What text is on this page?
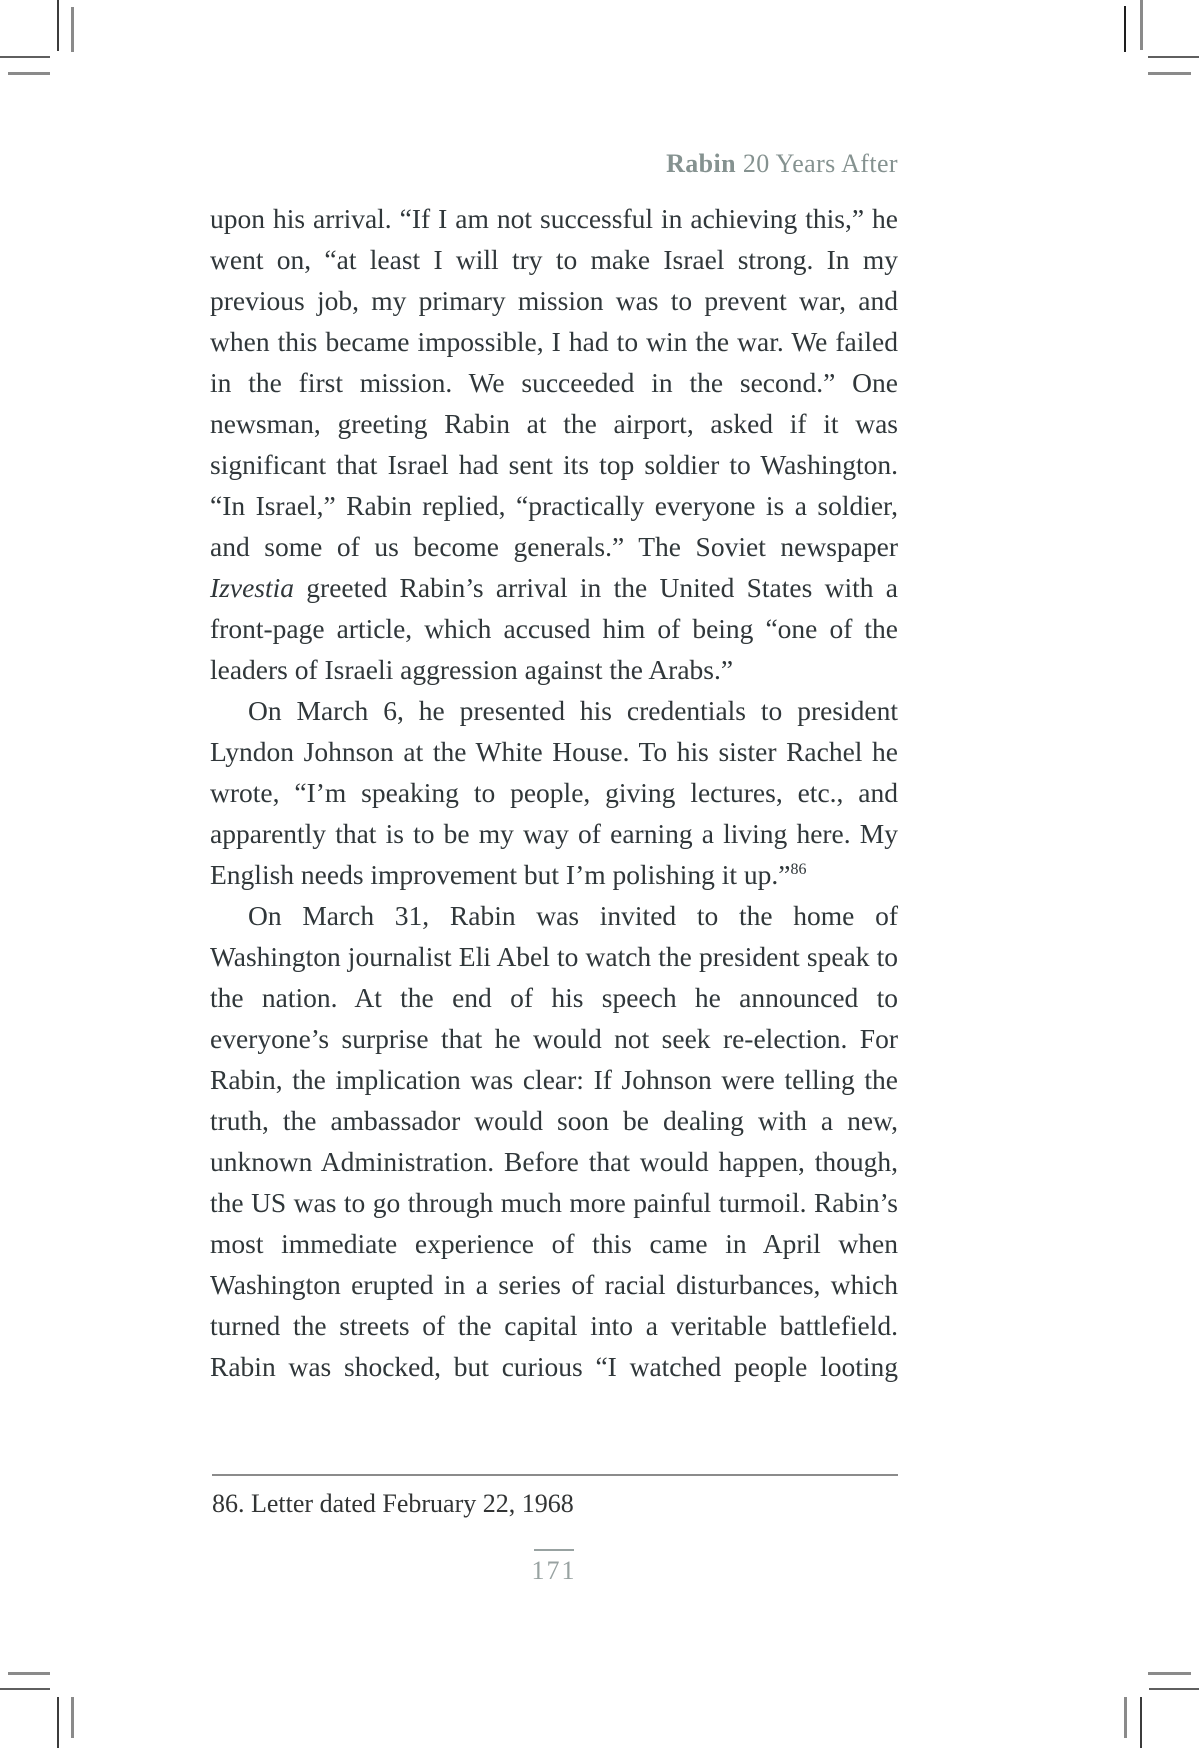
Rabin 20 Years After

upon his arrival. “If I am not successful in achieving this,” he went on, “at least I will try to make Israel strong. In my previous job, my primary mission was to prevent war, and when this became impossible, I had to win the war. We failed in the first mission. We succeeded in the second.” One newsman, greeting Rabin at the airport, asked if it was significant that Israel had sent its top soldier to Washington. “In Israel,” Rabin replied, “practically everyone is a soldier, and some of us become generals.” The Soviet newspaper Izvestia greeted Rabin’s arrival in the United States with a front-page article, which accused him of being “one of the leaders of Israeli aggression against the Arabs.”

On March 6, he presented his credentials to president Lyndon Johnson at the White House. To his sister Rachel he wrote, “I’m speaking to people, giving lectures, etc., and apparently that is to be my way of earning a living here. My English needs improvement but I’m polishing it up.”$^{86}$

On March 31, Rabin was invited to the home of Washington journalist Eli Abel to watch the president speak to the nation. At the end of his speech he announced to everyone’s surprise that he would not seek re-election. For Rabin, the implication was clear: If Johnson were telling the truth, the ambassador would soon be dealing with a new, unknown Administration. Before that would happen, though, the US was to go through much more painful turmoil. Rabin’s most immediate experience of this came in April when Washington erupted in a series of racial disturbances, which turned the streets of the capital into a veritable battlefield. Rabin was shocked, but curious “I watched people looting

86. Letter dated February 22, 1968
171
